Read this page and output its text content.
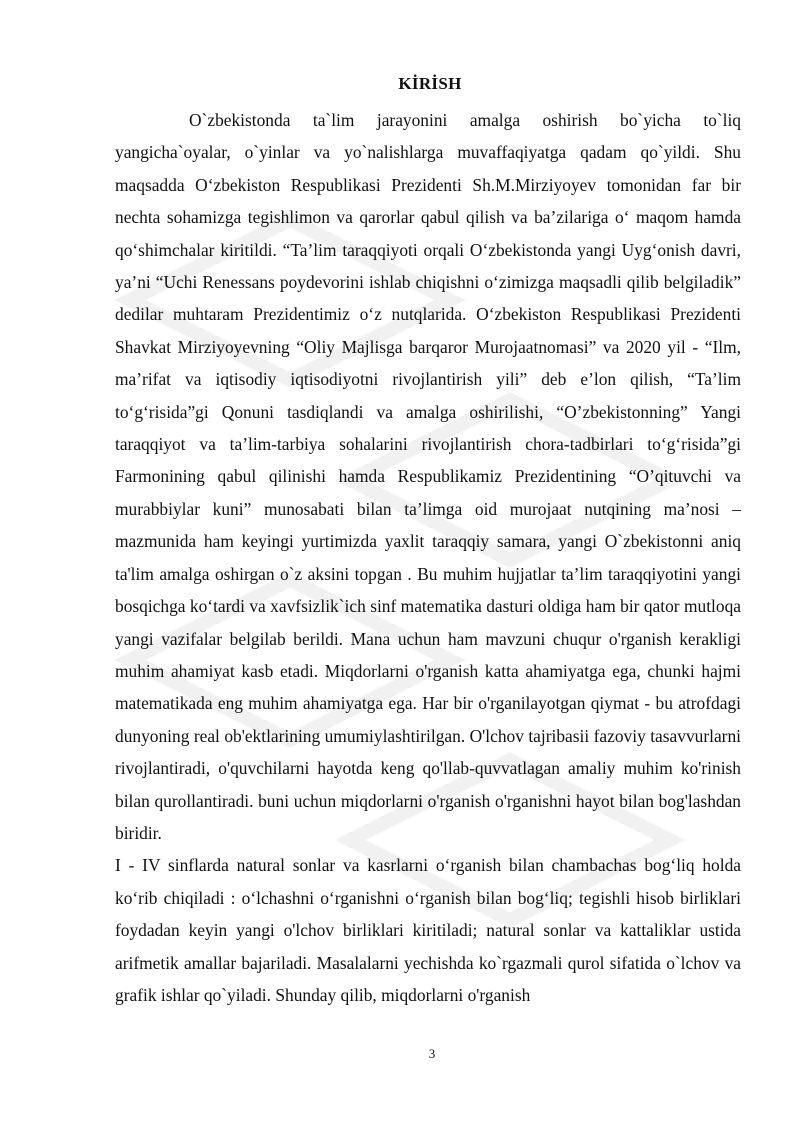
KİRİSH

O`zbekistonda ta`lim jarayonini amalga oshirish bo`yicha to`liq yangicha`oyalar, o`yinlar va yo`nalishlarga muvaffaqiyatga qadam qo`yildi. Shu maqsadda O‘zbekiston Respublikasi Prezidenti Sh.M.Mirziyoyev tomonidan far bir nechta sohamizga tegishlimon va qarorlar qabul qilish va ba’zilariga o‘ maqom hamda qo‘shimchalar kiritildi. “Ta’lim taraqqiyoti orqali O‘zbekistonda yangi Uyg‘onish davri, ya’ni “Uchi Renessans poydevorini ishlab chiqishni o‘zimizga maqsadli qilib belgiladik” dedilar muhtaram Prezidentimiz o‘z nutqlarida. O‘zbekiston Respublikasi Prezidenti Shavkat Mirziyoyevning “Oliy Majlisga barqaror Murojaatnomasi” va 2020 yil - “Ilm, ma’rifat va iqtisodiy iqtisodiyotni rivojlantirish yili” deb e’lon qilish, “Ta’lim to‘g‘risida”gi Qonuni tasdiqlandi va amalga oshirilishi, “O’zbekistonning” Yangi taraqqiyot va ta’lim-tarbiya sohalarini rivojlantirish chora-tadbirlari to‘g‘risida”gi Farmonining qabul qilinishi hamda Respublikamiz Prezidentining “O’qituvchi va murabbiylar kuni” munosabati bilan ta’limga oid murojaat nutqining ma’nosi – mazmunida ham keyingi yurtimizda yaxlit taraqqiy samara, yangi O`zbekistonni aniq ta'lim amalga oshirgan o`z aksini topgan . Bu muhim hujjatlar ta’lim taraqqiyotini yangi bosqichga ko‘tardi va xavfsizlik`ich sinf matematika dasturi oldiga ham bir qator mutloqa yangi vazifalar belgilab berildi. Mana uchun ham mavzuni chuqur o'rganish kerakligi muhim ahamiyat kasb etadi. Miqdorlarni o'rganish katta ahamiyatga ega, chunki hajmi matematikada eng muhim ahamiyatga ega. Har bir o'rganilayotgan qiymat - bu atrofdagi dunyoning real ob'ektlarining umumiylashtirilgan. O'lchov tajribasii fazoviy tasavvurlarni rivojlantiradi, o'quvchilarni hayotda keng qo'llab-quvvatlagan amaliy muhim ko'rinish bilan qurollantiradi. buni uchun miqdorlarni o'rganish o'rganishni hayot bilan bog'lashdan biridir.

I - IV sinflarda natural sonlar va kasrlarni o‘rganish bilan chambachas bog‘liq holda ko‘rib chiqiladi : o‘lchashni o‘rganishni o‘rganish bilan bog‘liq; tegishli hisob birliklari foydadan keyin yangi o'lchov birliklari kiritiladi; natural sonlar va kattaliklar ustida arifmetik amallar bajariladi. Masalalarni yechishda ko`rgazmali qurol sifatida o`lchov va grafik ishlar qo`yiladi. Shunday qilib, miqdorlarni o'rganish

3
